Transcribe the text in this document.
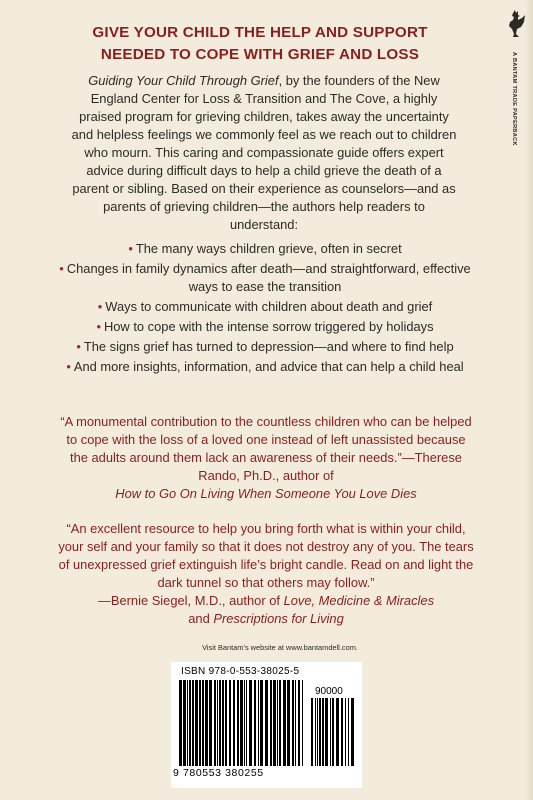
GIVE YOUR CHILD THE HELP AND SUPPORT
NEEDED TO COPE WITH GRIEF AND LOSS
Guiding Your Child Through Grief, by the founders of the New England Center for Loss & Transition and The Cove, a highly praised program for grieving children, takes away the uncertainty and helpless feelings we commonly feel as we reach out to children who mourn. This caring and compassionate guide offers expert advice during difficult days to help a child grieve the death of a parent or sibling. Based on their experience as counselors—and as parents of grieving children—the authors help readers to understand:
• The many ways children grieve, often in secret
• Changes in family dynamics after death—and straightforward, effective ways to ease the transition
• Ways to communicate with children about death and grief
• How to cope with the intense sorrow triggered by holidays
• The signs grief has turned to depression—and where to find help
• And more insights, information, and advice that can help a child heal
“A monumental contribution to the countless children who can be helped to cope with the loss of a loved one instead of left unassisted because the adults around them lack an awareness of their needs.”—Therese Rando, Ph.D., author of
How to Go On Living When Someone You Love Dies
“An excellent resource to help you bring forth what is within your child, your self and your family so that it does not destroy any of you. The tears of unexpressed grief extinguish life’s bright candle. Read on and light the dark tunnel so that others may follow.”
—Bernie Siegel, M.D., author of Love, Medicine & Miracles
and Prescriptions for Living
A BANTAM TRADE PAPERBACK
Visit Bantam’s website at www.bantamdell.com.
ISBN 978-0-553-38025-5
90000
9 780553 380255
